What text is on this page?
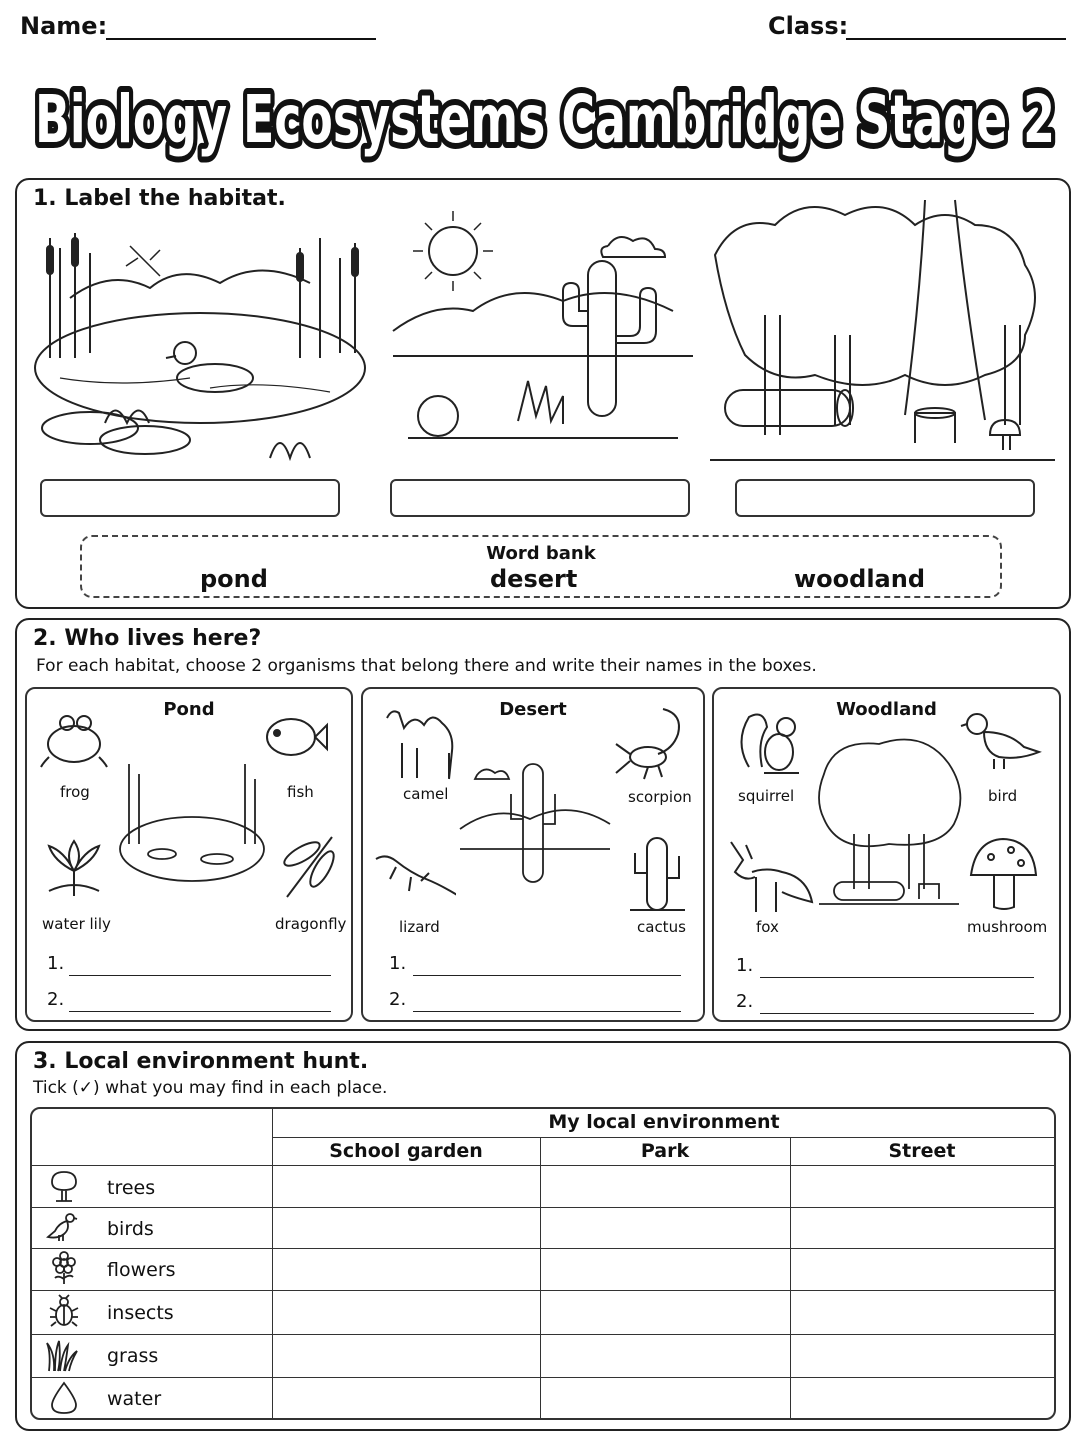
Name:	Class:
Biology Ecosystems Cambridge Stage 2
1. Label the habitat.
Word bank
pond	desert	woodland
2. Who lives here?
For each habitat, choose 2 organisms that belong there and write their names in the boxes.
Pond
frog	fish
water lily	dragonfly
1.
2.
Desert
camel	scorpion
lizard	cactus
1.
2.
Woodland
squirrel	bird
fox	mushroom
1.
2.
3. Local environment hunt.
Tick (✓) what you may find in each place.
My local environment
School garden	Park	Street
trees
birds
flowers
insects
grass
water
